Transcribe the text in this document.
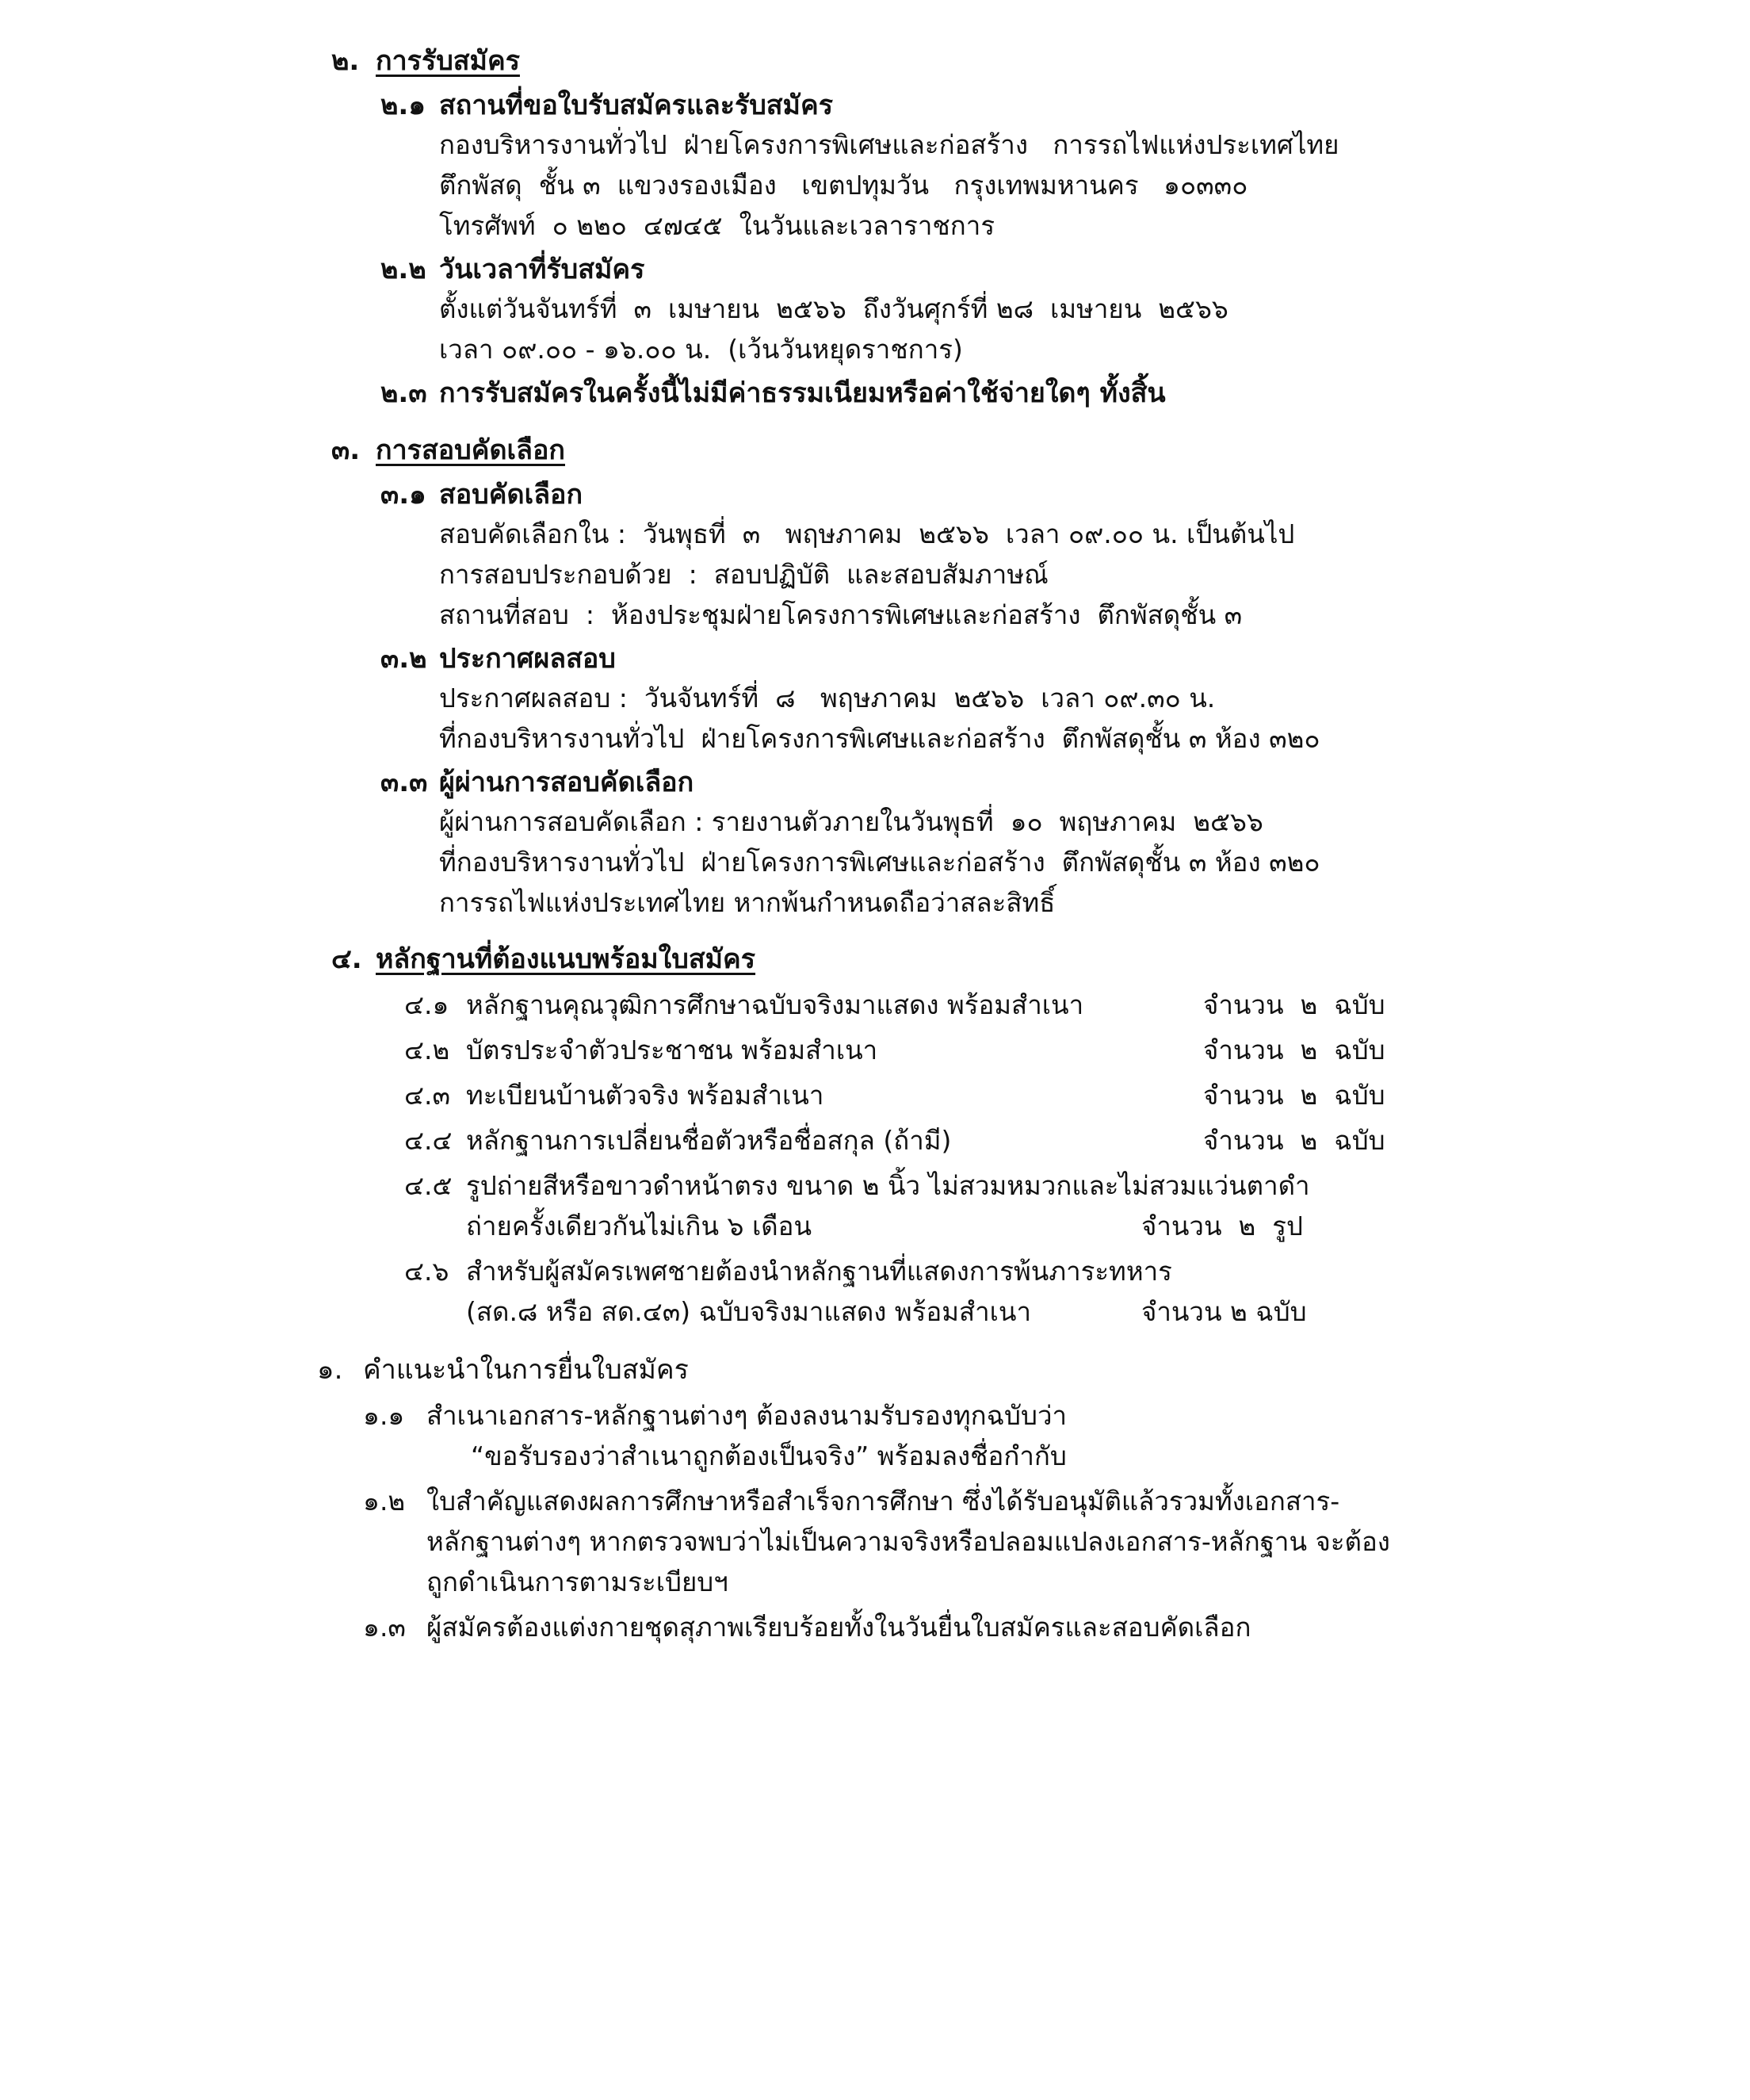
๒. การรับสมัคร
๒.๑ สถานที่ขอใบรับสมัครและรับสมัคร
กองบริหารงานทั่วไป  ฝ่ายโครงการพิเศษและก่อสร้าง   การรถไฟแห่งประเทศไทย
ตึกพัสดุ  ชั้น ๓  แขวงรองเมือง   เขตปทุมวัน   กรุงเทพมหานคร   ๑๐๓๓๐
โทรศัพท์  ๐ ๒๒๐  ๔๗๔๕  ในวันและเวลาราชการ
๒.๒ วันเวลาที่รับสมัคร
ตั้งแต่วันจันทร์ที่  ๓  เมษายน  ๒๕๖๖  ถึงวันศุกร์ที่ ๒๘  เมษายน  ๒๕๖๖
เวลา ๐๙.๐๐ - ๑๖.๐๐ น.  (เว้นวันหยุดราชการ)
๒.๓ การรับสมัครในครั้งนี้ไม่มีค่าธรรมเนียมหรือค่าใช้จ่ายใดๆ ทั้งสิ้น
๓. การสอบคัดเลือก
๓.๑ สอบคัดเลือก
สอบคัดเลือกใน :  วันพุธที่  ๓   พฤษภาคม  ๒๕๖๖  เวลา ๐๙.๐๐ น. เป็นต้นไป
การสอบประกอบด้วย  :  สอบปฏิบัติ  และสอบสัมภาษณ์
สถานที่สอบ  :  ห้องประชุมฝ่ายโครงการพิเศษและก่อสร้าง  ตึกพัสดุชั้น ๓
๓.๒ ประกาศผลสอบ
ประกาศผลสอบ :  วันจันทร์ที่  ๘   พฤษภาคม  ๒๕๖๖  เวลา ๐๙.๓๐ น.
ที่กองบริหารงานทั่วไป  ฝ่ายโครงการพิเศษและก่อสร้าง  ตึกพัสดุชั้น ๓ ห้อง ๓๒๐
๓.๓ ผู้ผ่านการสอบคัดเลือก
ผู้ผ่านการสอบคัดเลือก : รายงานตัวภายในวันพุธที่  ๑๐  พฤษภาคม  ๒๕๖๖
ที่กองบริหารงานทั่วไป  ฝ่ายโครงการพิเศษและก่อสร้าง  ตึกพัสดุชั้น ๓ ห้อง ๓๒๐
การรถไฟแห่งประเทศไทย หากพ้นกำหนดถือว่าสละสิทธิ์
๔. หลักฐานที่ต้องแนบพร้อมใบสมัคร
๔.๑ หลักฐานคุณวุฒิการศึกษาฉบับจริงมาแสดง พร้อมสำเนา	จำนวน  ๒  ฉบับ
๔.๒ บัตรประจำตัวประชาชน พร้อมสำเนา	จำนวน  ๒  ฉบับ
๔.๓ ทะเบียนบ้านตัวจริง พร้อมสำเนา	จำนวน  ๒  ฉบับ
๔.๔ หลักฐานการเปลี่ยนชื่อตัวหรือชื่อสกุล (ถ้ามี)	จำนวน  ๒  ฉบับ
๔.๕ รูปถ่ายสีหรือขาวดำหน้าตรง ขนาด ๒ นิ้ว ไม่สวมหมวกและไม่สวมแว่นตาดำ
ถ่ายครั้งเดียวกันไม่เกิน ๖ เดือน	จำนวน  ๒  รูป
๔.๖ สำหรับผู้สมัครเพศชายต้องนำหลักฐานที่แสดงการพ้นภาระทหาร
(สด.๘ หรือ สด.๔๓) ฉบับจริงมาแสดง พร้อมสำเนา	จำนวน ๒ ฉบับ
๑. คำแนะนำในการยื่นใบสมัคร
๑.๑ สำเนาเอกสาร-หลักฐานต่างๆ ต้องลงนามรับรองทุกฉบับว่า
“ขอรับรองว่าสำเนาถูกต้องเป็นจริง” พร้อมลงชื่อกำกับ
๑.๒ ใบสำคัญแสดงผลการศึกษาหรือสำเร็จการศึกษา ซึ่งได้รับอนุมัติแล้วรวมทั้งเอกสาร-
หลักฐานต่างๆ หากตรวจพบว่าไม่เป็นความจริงหรือปลอมแปลงเอกสาร-หลักฐาน จะต้อง
ถูกดำเนินการตามระเบียบฯ
๑.๓ ผู้สมัครต้องแต่งกายชุดสุภาพเรียบร้อยทั้งในวันยื่นใบสมัครและสอบคัดเลือก
